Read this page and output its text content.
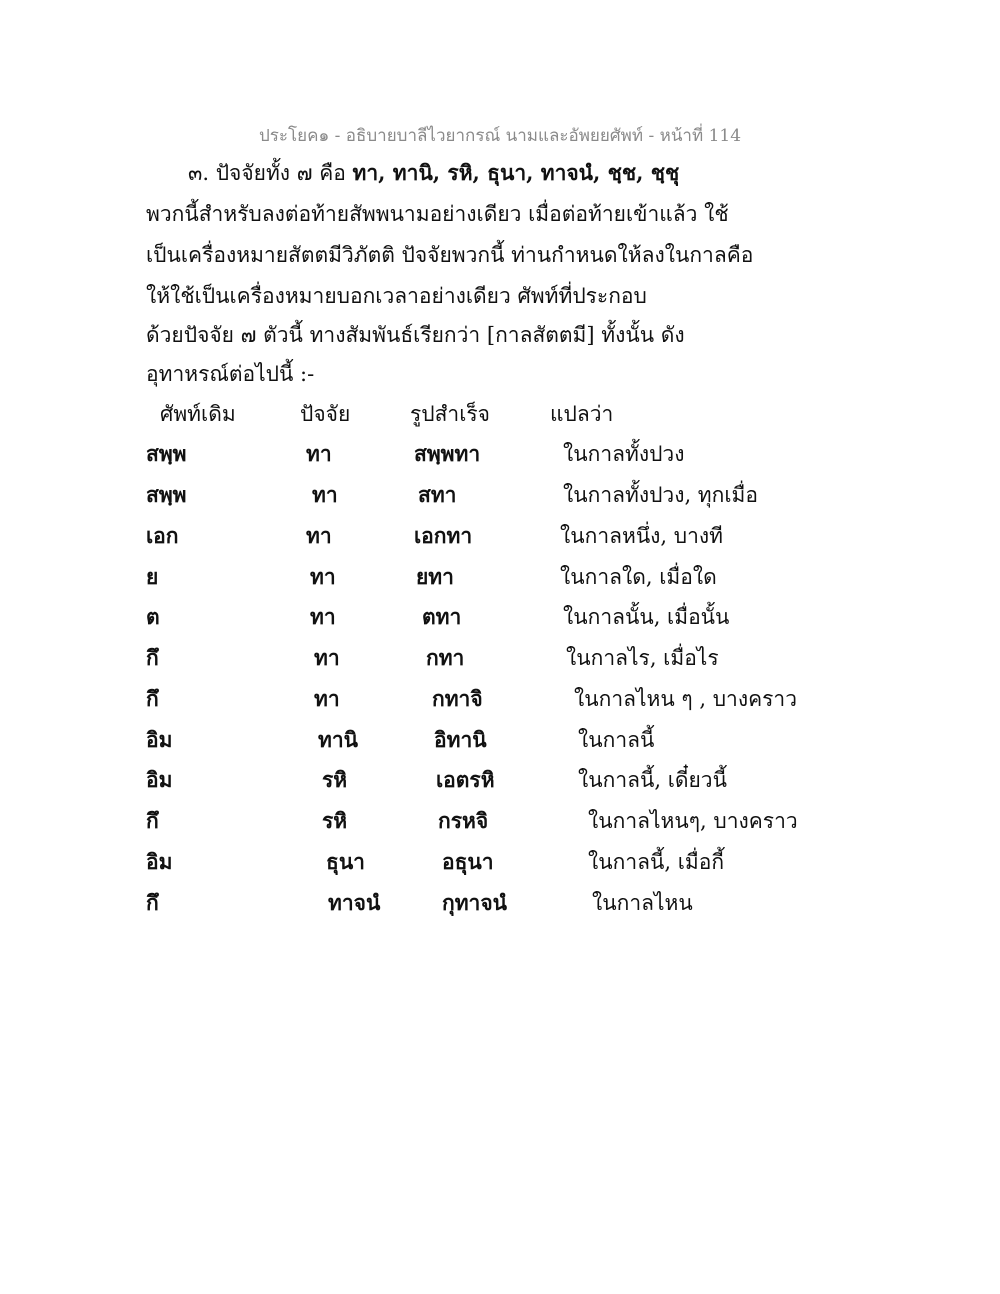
ประโยค๑ - อธิบายบาลีไวยากรณ์ นามและอัพยยศัพท์ - หน้าที่ 114
๓. ปัจจัยทั้ง ๗ คือ ทา, ทานิ, รหิ, ธุนา, ทาจนํ, ชฺช, ชฺชุ
พวกนี้สำหรับลงต่อท้ายสัพพนามอย่างเดียว เมื่อต่อท้ายเข้าแล้ว ใช้
เป็นเครื่องหมายสัตตมีวิภัตติ ปัจจัยพวกนี้ ท่านกำหนดให้ลงในกาลคือ
ให้ใช้เป็นเครื่องหมายบอกเวลาอย่างเดียว ศัพท์ที่ประกอบ
ด้วยปัจจัย ๗ ตัวนี้ ทางสัมพันธ์เรียกว่า [กาลสัตตมี] ทั้งนั้น ดัง
อุทาหรณ์ต่อไปนี้ :-
ศัพท์เดิม	ปัจจัย	รูปสำเร็จ	แปลว่า
สพฺพ	ทา	สพฺพทา	ในกาลทั้งปวง
สพฺพ	ทา	สทา	ในกาลทั้งปวง, ทุกเมื่อ
เอก	ทา	เอกทา	ในกาลหนึ่ง, บางที
ย	ทา	ยทา	ในกาลใด, เมื่อใด
ต	ทา	ตทา	ในกาลนั้น, เมื่อนั้น
กึ	ทา	กทา	ในกาลไร, เมื่อไร
กึ	ทา	กทาจิ	ในกาลไหน ๆ , บางคราว
อิม	ทานิ	อิทานิ	ในกาลนี้
อิม	รหิ	เอตรหิ	ในกาลนี้, เดี๋ยวนี้
กึ	รหิ	กรหจิ	ในกาลไหนๆ, บางคราว
อิม	ธุนา	อธุนา	ในกาลนี้, เมื่อกี้
กึ	ทาจนํ	กุทาจนํ	ในกาลไหน
